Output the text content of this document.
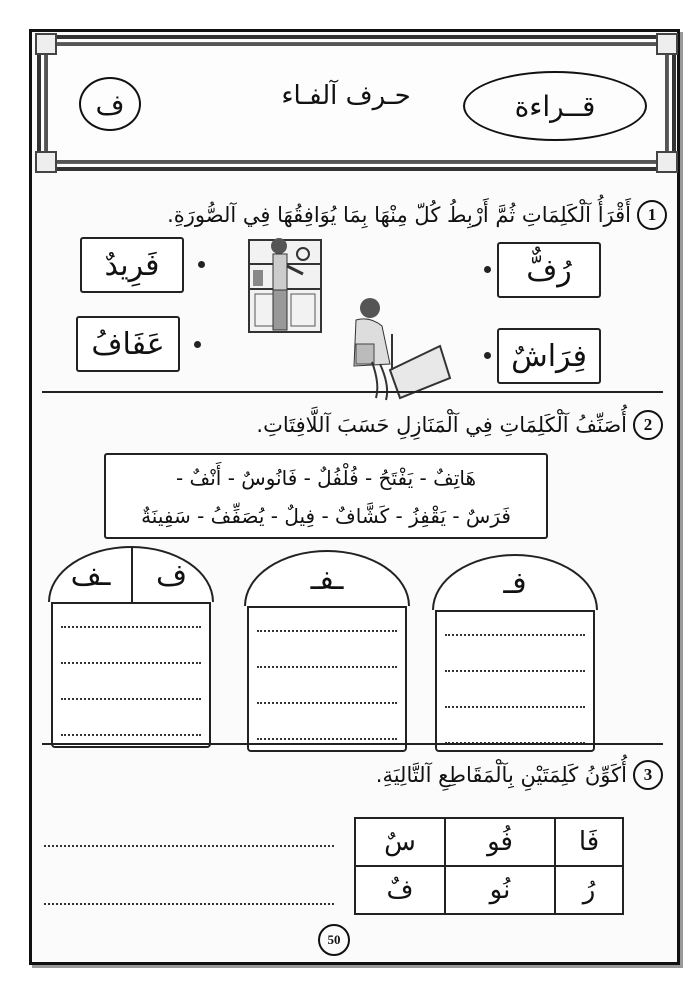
قــراءة
حـرف آلفـاء
ف
1
أَقْرَأُ آلْكَلِمَاتِ ثُمَّ أَرْبِطُ كُلّ مِنْهَا بِمَا يُوَافِقُهَا فِي آلصُّورَةِ.
رُفٌّ
فِرَاشٌ
فَرِيدٌ
عَفَافُ
2
أُصَنِّفُ آلْكَلِمَاتِ فِي آلْمَنَازِلِ حَسَبَ آللَّافِتَاتِ.
هَاتِفٌ - يَفْتَحُ - فُلْفُلٌ - فَانُوسٌ - أَنْفٌ -
فَرَسٌ - يَقْفِزُ - كَشَّافٌ - فِيلٌ - يُصَفِّفُ - سَفِينَةٌ
ـف	ف	ـفـ	فـ
3
أُكَوِّنُ كَلِمَتَيْنِ بِآلْمَقَاطِعِ آلتَّالِيَةِ.
سٌ	فُو	فَا
فٌ	نُو	رُ
50
